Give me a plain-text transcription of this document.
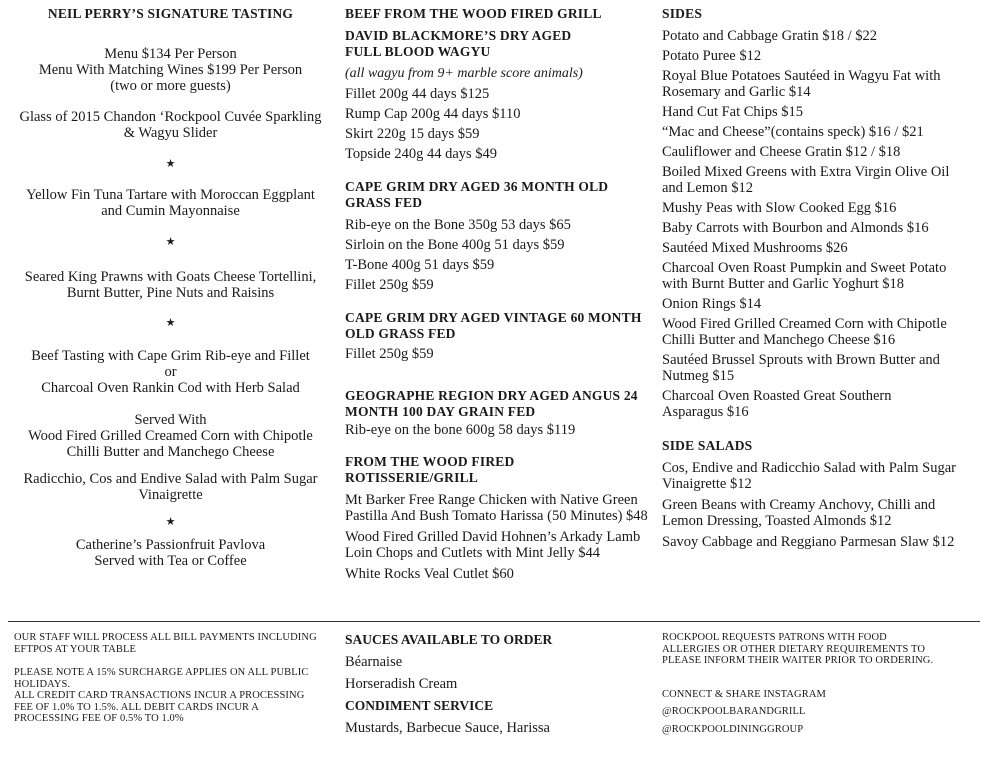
NEIL PERRY’S SIGNATURE TASTING
Menu $134 Per Person
Menu With Matching Wines $199 Per Person
(two or more guests)
Glass of 2015 Chandon ‘Rockpool Cuvée Sparkling
& Wagyu Slider
★
Yellow Fin Tuna Tartare with Moroccan Eggplant
and Cumin Mayonnaise
★
Seared King Prawns with Goats Cheese Tortellini,
Burnt Butter, Pine Nuts and Raisins
★
Beef Tasting with Cape Grim Rib-eye and Fillet
or
Charcoal Oven Rankin Cod with Herb Salad
Served With
Wood Fired Grilled Creamed Corn with Chipotle
Chilli Butter and Manchego Cheese
Radicchio, Cos and Endive Salad with Palm Sugar
Vinaigrette
★
Catherine’s Passionfruit Pavlova
Served with Tea or Coffee
BEEF FROM THE WOOD FIRED GRILL
DAVID BLACKMORE’S DRY AGED
FULL BLOOD WAGYU
(all wagyu from 9+ marble score animals)
Fillet 200g 44 days $125
Rump Cap 200g 44 days $110
Skirt 220g 15 days $59
Topside 240g 44 days $49
CAPE GRIM DRY AGED 36 MONTH OLD
GRASS FED
Rib-eye on the Bone 350g 53 days $65
Sirloin on the Bone 400g 51 days $59
T-Bone 400g 51 days $59
Fillet 250g $59
CAPE GRIM DRY AGED VINTAGE 60 MONTH
OLD GRASS FED
Fillet 250g $59
GEOGRAPHE REGION DRY AGED ANGUS 24
MONTH 100 DAY GRAIN FED
Rib-eye on the bone 600g 58 days $119
FROM THE WOOD FIRED ROTISSERIE/GRILL
Mt Barker Free Range Chicken with Native Green
Pastilla And Bush Tomato Harissa (50 Minutes) $48
Wood Fired Grilled David Hohnen’s Arkady Lamb
Loin Chops and Cutlets with Mint Jelly $44
White Rocks Veal Cutlet $60
SIDES
Potato and Cabbage Gratin $18 / $22
Potato Puree $12
Royal Blue Potatoes Sautéed in Wagyu Fat with
Rosemary and Garlic $14
Hand Cut Fat Chips $15
“Mac and Cheese”(contains speck) $16 / $21
Cauliflower and Cheese Gratin $12 / $18
Boiled Mixed Greens with Extra Virgin Olive Oil
and Lemon $12
Mushy Peas with Slow Cooked Egg $16
Baby Carrots with Bourbon and Almonds $16
Sautéed Mixed Mushrooms $26
Charcoal Oven Roast Pumpkin and Sweet Potato
with Burnt Butter and Garlic Yoghurt $18
Onion Rings $14
Wood Fired Grilled Creamed Corn with Chipotle
Chilli Butter and Manchego Cheese $16
Sautéed Brussel Sprouts with Brown Butter and
Nutmeg $15
Charcoal Oven Roasted Great Southern
Asparagus $16
SIDE SALADS
Cos, Endive and Radicchio Salad with Palm Sugar
Vinaigrette $12
Green Beans with Creamy Anchovy, Chilli and
Lemon Dressing, Toasted Almonds $12
Savoy Cabbage and Reggiano Parmesan Slaw $12
OUR STAFF WILL PROCESS ALL BILL PAYMENTS INCLUDING
EFTPOS AT YOUR TABLE
PLEASE NOTE A 15% SURCHARGE APPLIES ON ALL PUBLIC
HOLIDAYS.
ALL CREDIT CARD TRANSACTIONS INCUR A PROCESSING
FEE OF 1.0% TO 1.5%. ALL DEBIT CARDS INCUR A
PROCESSING FEE OF 0.5% TO 1.0%
SAUCES AVAILABLE TO ORDER
Béarnaise
Horseradish Cream
CONDIMENT SERVICE
Mustards, Barbecue Sauce, Harissa
ROCKPOOL REQUESTS PATRONS WITH FOOD
ALLERGIES OR OTHER DIETARY REQUIREMENTS TO
PLEASE INFORM THEIR WAITER PRIOR TO ORDERING.
CONNECT & SHARE INSTAGRAM
@ROCKPOOLBARANDGRILL
@ROCKPOOLDININGGROUP
